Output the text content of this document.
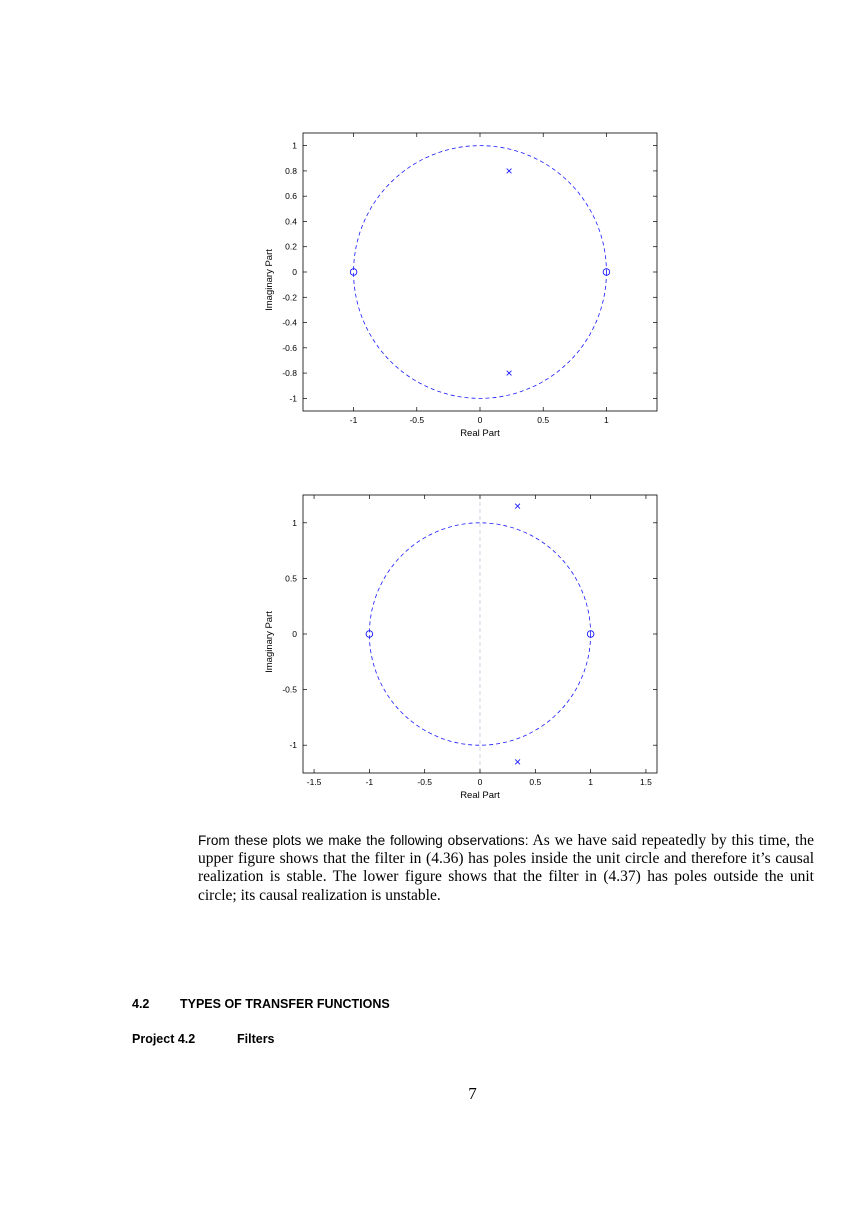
-1	-0.5	0	0.5	1
1
0.8
0.6
0.4
0.2
0
-0.2
-0.4
-0.6
-0.8
-1
Real Part
Imaginary Part
-1.5	-1	-0.5	0	0.5	1	1.5
1
0.5
0
-0.5
-1
Real Part
Imaginary Part

From these plots we make the following observations: As we have said repeatedly by this time, the upper figure shows that the filter in (4.36) has poles inside the unit circle and therefore it’s causal realization is stable. The lower figure shows that the filter in (4.37) has poles outside the unit circle; its causal realization is unstable.

4.2 TYPES OF TRANSFER FUNCTIONS
Project 4.2	Filters
7
